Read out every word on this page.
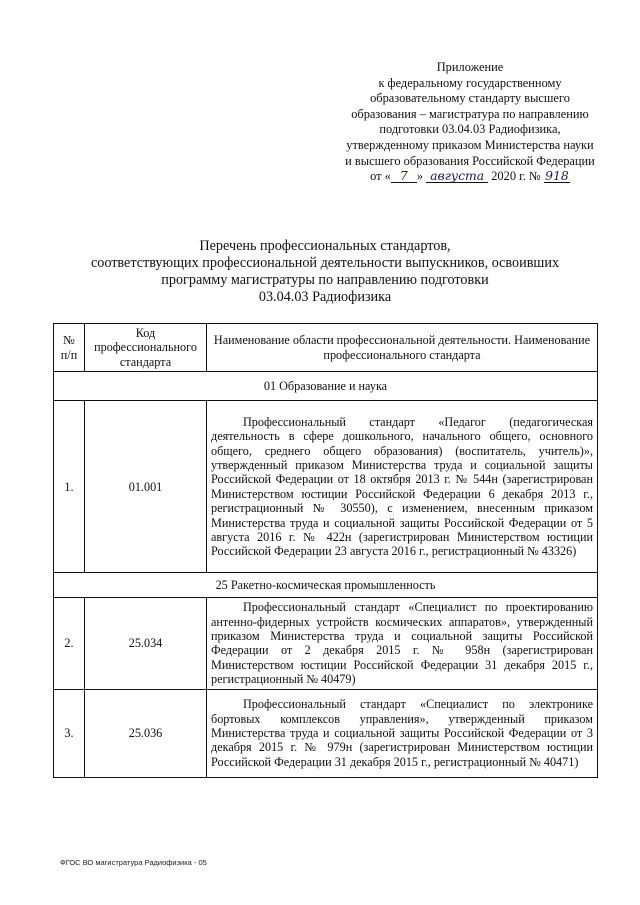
Приложение
к федеральному государственному
образовательному стандарту высшего
образования – магистратура по направлению
подготовки 03.04.03 Радиофизика,
утвержденному приказом Министерства науки
и высшего образования Российской Федерации
от « 7 » августа 2020 г. № 918
Перечень профессиональных стандартов,
соответствующих профессиональной деятельности выпускников, освоивших
программу магистратуры по направлению подготовки
03.04.03 Радиофизика
№ п/п	Код профессионального стандарта	Наименование области профессиональной деятельности. Наименование профессионального стандарта
01 Образование и наука		
1.	01.001	Профессиональный стандарт «Педагог (педагогическая деятельность в сфере дошкольного, начального общего, основного общего, среднего общего образования) (воспитатель, учитель)», утвержденный приказом Министерства труда и социальной защиты Российской Федерации от 18 октября 2013 г. № 544н (зарегистрирован Министерством юстиции Российской Федерации 6 декабря 2013 г., регистрационный № 30550), с изменением, внесенным приказом Министерства труда и социальной защиты Российской Федерации от 5 августа 2016 г. № 422н (зарегистрирован Министерством юстиции Российской Федерации 23 августа 2016 г., регистрационный № 43326)
25 Ракетно-космическая промышленность		
2.	25.034	Профессиональный стандарт «Специалист по проектированию антенно-фидерных устройств космических аппаратов», утвержденный приказом Министерства труда и социальной защиты Российской Федерации от 2 декабря 2015 г. № 958н (зарегистрирован Министерством юстиции Российской Федерации 31 декабря 2015 г., регистрационный № 40479)
3.	25.036	Профессиональный стандарт «Специалист по электронике бортовых комплексов управления», утвержденный приказом Министерства труда и социальной защиты Российской Федерации от 3 декабря 2015 г. № 979н (зарегистрирован Министерством юстиции Российской Федерации 31 декабря 2015 г., регистрационный № 40471)
ФГОС ВО магистратура Радиофизика - 05
